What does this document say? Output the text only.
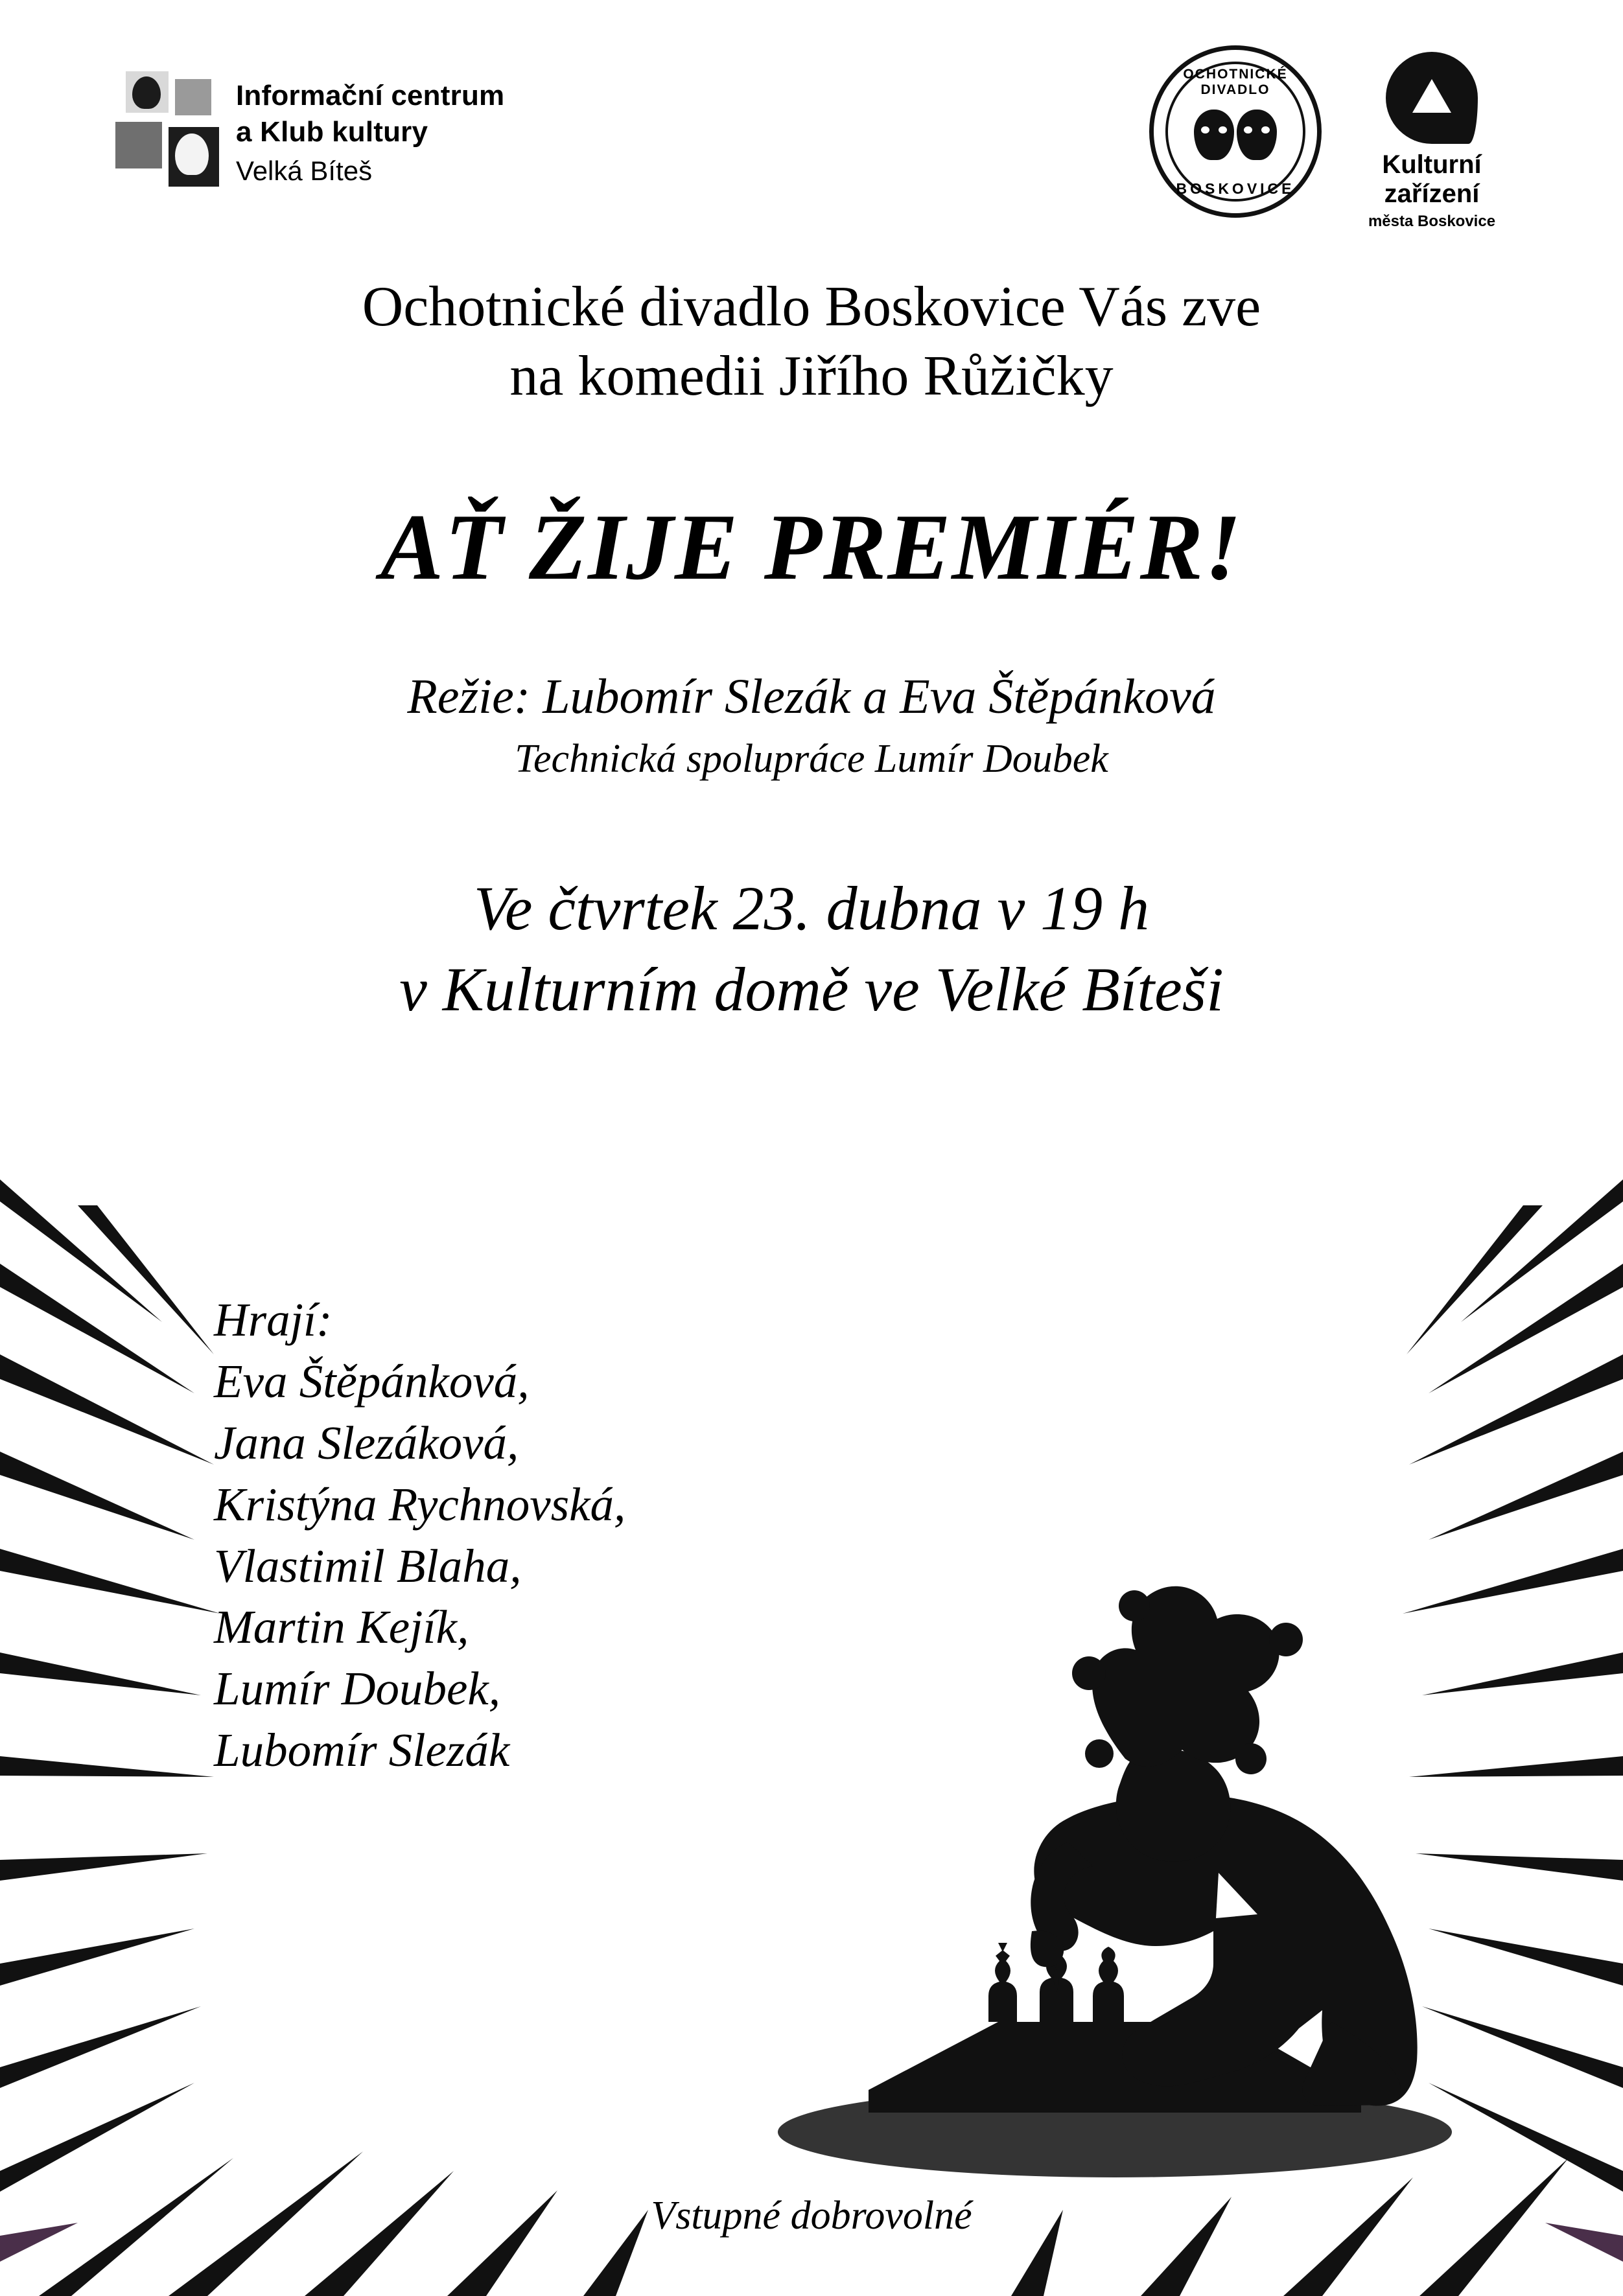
Informační centrum
a Klub kultury
Velká Bíteš
OCHOTNICKÉ DIVADLO
BOSKOVICE
Kulturní
zařízení
města Boskovice
Ochotnické divadlo Boskovice Vás zve
na komedii Jiřího Růžičky
AŤ ŽIJE PREMIÉR!
Režie: Lubomír Slezák a Eva Štěpánková
Technická spolupráce Lumír Doubek
Ve čtvrtek 23. dubna v 19 h
v Kulturním domě ve Velké Bíteši
Hrají:
Eva Štěpánková,
Jana Slezáková,
Kristýna Rychnovská,
Vlastimil Blaha,
Martin Kejík,
Lumír Doubek,
Lubomír Slezák
Vstupné dobrovolné
